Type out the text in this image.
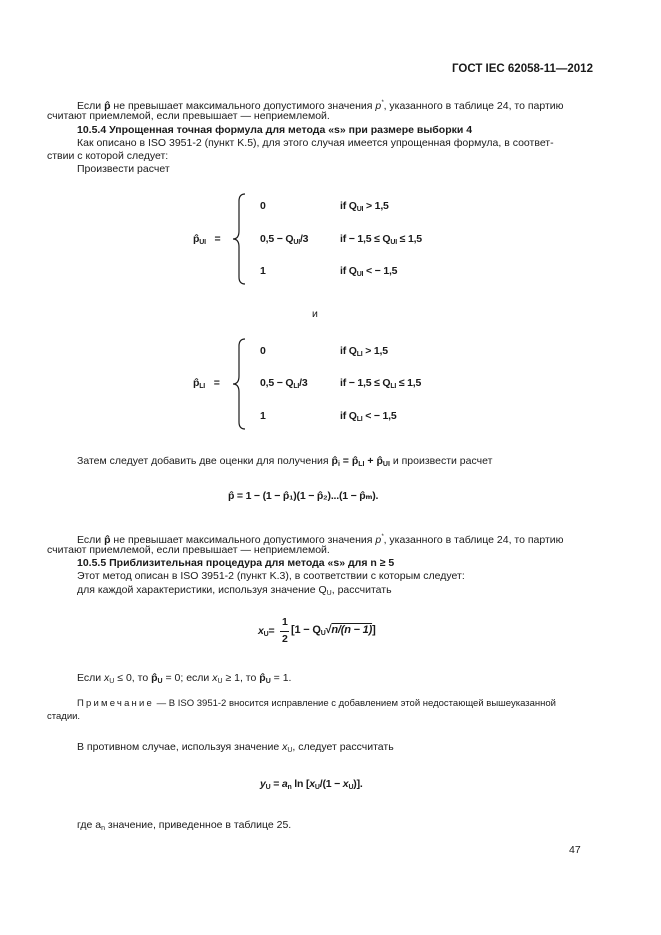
ГОСТ IEC 62058-11—2012
Если p̂ не превышает максимального допустимого значения p*, указанного в таблице 24, то партию
считают приемлемой, если превышает — неприемлемой.
10.5.4 Упрощенная точная формула для метода «s» при размере выборки 4
Как описано в ISO 3951-2 (пункт K.5), для этого случая имеется упрощенная формула, в соответ-
ствии с которой следует:
Произвести расчет
$p̂_{UI}$ =
0	if $Q_{UI} > 1,5$
$0,5 - Q_{UI}/3$	if − $1,5 \le Q_{UI} \le 1,5$
1	if $Q_{UI}$ < − 1,5
и
$p̂_{LI}$ =
0	if $Q_{LI} > 1,5$
$0,5 - Q_{LI}/3$	if − $1,5 \le Q_{LI} \le 1,5$
1	if $Q_{LI}$ < − 1,5
Затем следует добавить две оценки для получения $p̂_i$ = $p̂_{LI}$ + $p̂_{UI}$ и произвести расчет
p̂ = 1 − (1 − p̂₁)(1 − p̂₂)...(1 − p̂ₘ).
Если p̂ не превышает максимального допустимого значения p*, указанного в таблице 24, то партию
считают приемлемой, если превышает — неприемлемой.
10.5.5 Приблизительная процедура для метода «s» для n ≥ 5
Этот метод описан в ISO 3951-2 (пункт K.3), в соответствии с которым следует:
для каждой характеристики, используя значение $Q_U$, рассчитать
$x_U=$
1
2
$[1 - Q_U√n/(n - 1)]$
Если $x_U \le 0$, то $p̂_U = 0$; если $x_U \ge 1$, то $p̂_U = 1$.
Примечание — В ISO 3951-2 вносится исправление с добавлением этой недостающей вышеуказанной
стадии.
В противном случае, используя значение $x_U$, следует рассчитать
$y_U = a_n$ $\ln [x_U/(1 - x_U)]$.
где $a_n$ значение, приведенное в таблице 25.
47
